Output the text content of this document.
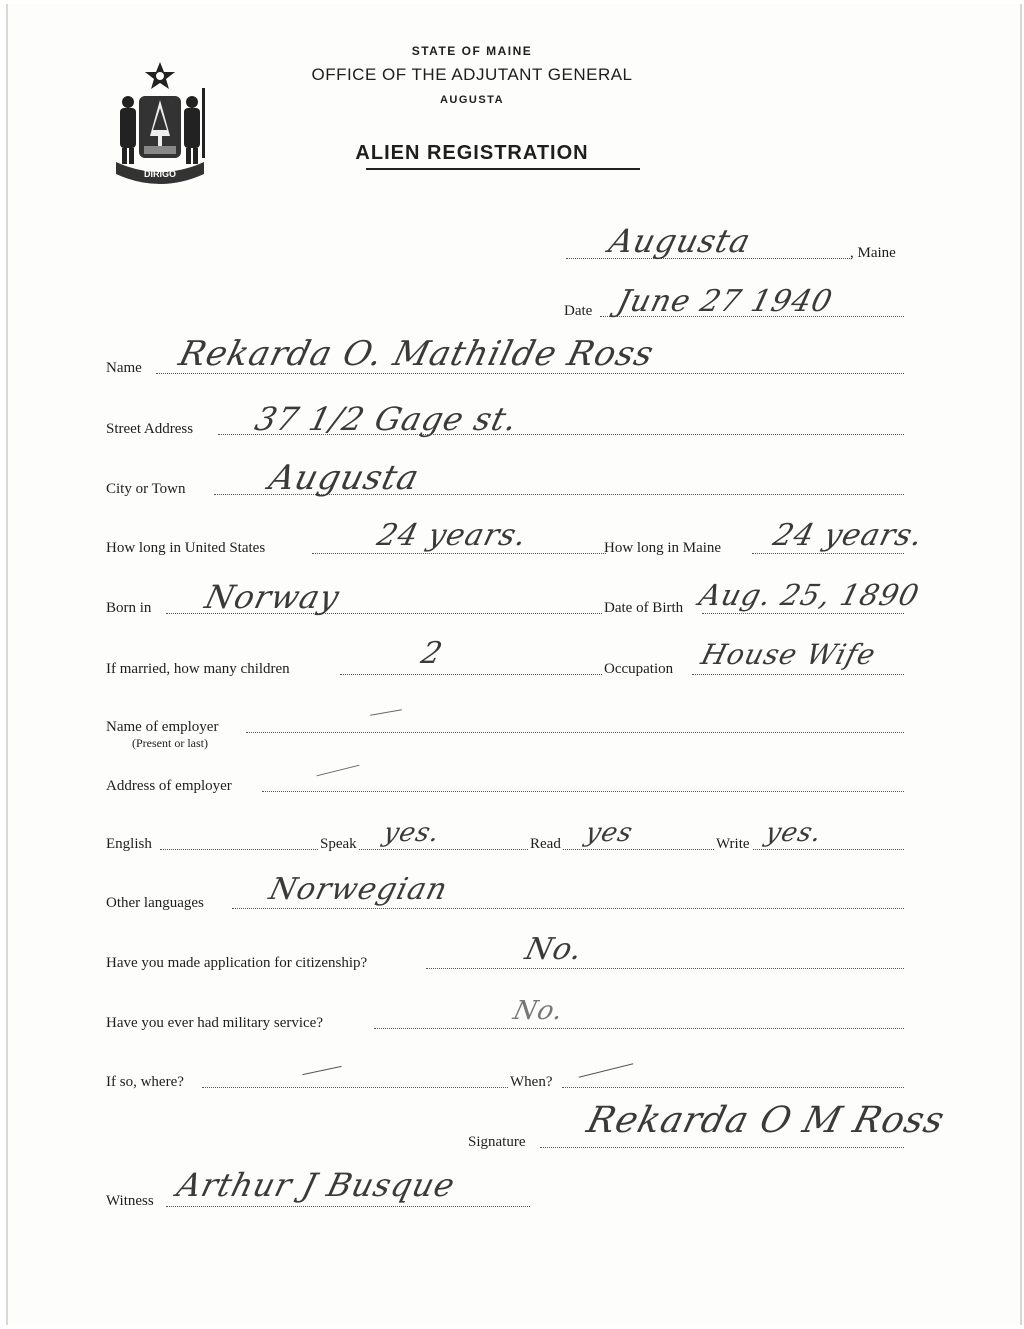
DIRIGO
STATE OF MAINE
OFFICE OF THE ADJUTANT GENERAL
AUGUSTA
ALIEN REGISTRATION
, Maine
Augusta
Date June 27 1940
Name Rekarda O. Mathilde Ross
Street Address 37 1/2 Gage st.
City or Town Augusta
How long in United States	24 years.	How long in Maine 24 years.
Born in Norway	Date of Birth Aug. 25, 1890
If married, how many children	2	Occupation House Wife
Name of employer
(Present or last)
Address of employer
English	Speak yes.	Read yes	Write yes.
Other languages Norwegian
Have you made application for citizenship?	No.
Have you ever had military service?	No.
If so, where?	When?
Signature
Rekarda O M Ross
Witness Arthur J Busque
